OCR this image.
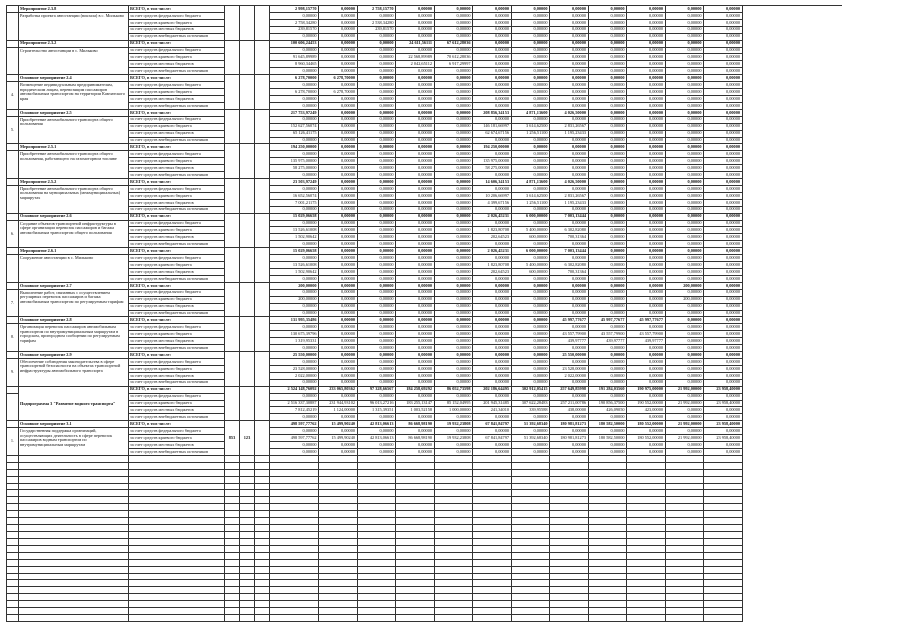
Мероприятие 2.3.8
Разработка проекта автостанции (вокзала) в с. Мильково
ВСЕГО, в том числе:	2 998,15770	0,00000	2 758,15770	0,00000	0,00000	0,00000	0,00000	0,00000	0,00000	0,00000	0,00000	0,00000
за счет средств федерального бюджета	0,00000	0,00000	0,00000	0,00000	0,00000	0,00000	0,00000	0,00000	0,00000	0,00000	0,00000	0,00000
за счет средств краевого бюджета	2 758,34280	0,00000	2 538,34280	0,00000	0,00000	0,00000	0,00000	0,00000	0,00000	0,00000	0,00000	0,00000
за счет средств местных бюджетов	239,81570	0,00000	239,81570	0,00000	0,00000	0,00000	0,00000	0,00000	0,00000	0,00000	0,00000	0,00000
за счет средств внебюджетных источников	0,00000	0,00000	0,00000	0,00000	0,00000	0,00000	0,00000	0,00000	0,00000	0,00000	0,00000	0,00000
Мероприятие 2.3.2
Строительство автостанции в с. Мильково
ВСЕГО, в том числе:	100 606,24453	0,00000	0,00000	24 611,56111	67 612,28036	0,00000	0,00000	0,00000	0,00000	0,00000	0,00000	0,00000
за счет средств федерального бюджета	0,00000	0,00000	0,00000	0,00000	0,00000	0,00000	0,00000	0,00000	0,00000	0,00000	0,00000	0,00000
за счет средств краевого бюджета	91 645,89989	0,00000	0,00000	22 568,89989	70 612,28036	0,00000	0,00000	0,00000	0,00000	0,00000	0,00000	0,00000
за счет средств местных бюджетов	8 960,34465	0,00000	0,00000	2 042,65112	6 917,29997	0,00000	0,00000	0,00000	0,00000	0,00000	0,00000	0,00000
за счет средств внебюджетных источников	0,00000	0,00000	0,00000	0,00000	0,00000	0,00000	0,00000	0,00000	0,00000	0,00000	0,00000	0,00000
4.
Основное мероприятие 2.4
Возмещение индивидуальным предпринимателям, юридическим лицам, перевозящим пассажиров автомобильным транспортом на территории Камчатского края
ВСЕГО, в том числе:	6 278,70000	6 278,70000	0,00000	0,00000	0,00000	0,00000	0,00000	0,00000	0,00000	0,00000	0,00000	0,00000
за счет средств федерального бюджета	0,00000	0,00000	0,00000	0,00000	0,00000	0,00000	0,00000	0,00000	0,00000	0,00000	0,00000	0,00000
за счет средств краевого бюджета	6 278,70000	6 278,70000	0,00000	0,00000	0,00000	0,00000	0,00000	0,00000	0,00000	0,00000	0,00000	0,00000
за счет средств местных бюджетов	0,00000	0,00000	0,00000	0,00000	0,00000	0,00000	0,00000	0,00000	0,00000	0,00000	0,00000	0,00000
за счет средств внебюджетных источников	0,00000	0,00000	0,00000	0,00000	0,00000	0,00000	0,00000	0,00000	0,00000	0,00000	0,00000	0,00000
5.
Основное мероприятие 2.5
Приобретение автомобильного транспорта общего пользования
ВСЕГО, в том числе:	217 753,97249	0,00000	0,00000	0,00000	0,00000	208 856,34153	4 871,13600	4 026,50000	0,00000	0,00000	0,00000	0,00000
за счет средств федерального бюджета	0,00000	0,00000	0,00000	0,00000	0,00000	0,00000	0,00000	0,00000	0,00000	0,00000	0,00000	0,00000
за счет средств краевого бюджета	152 627,56074	0,00000	0,00000	0,00000	0,00000	146 181,66997	3 614,62500	2 831,26567	0,00000	0,00000	0,00000	0,00000
за счет средств местных бюджетов	65 126,41175	0,00000	0,00000	0,00000	0,00000	62 674,67156	1 256,51100	1 195,23433	0,00000	0,00000	0,00000	0,00000
за счет средств внебюджетных источников	0,00000	0,00000	0,00000	0,00000	0,00000	0,00000	0,00000	0,00000	0,00000	0,00000	0,00000	0,00000
Мероприятие 2.5.1
Приобретение автомобильного транспорта общего пользования, работающего на газомоторном топливе
ВСЕГО, в том числе:	194 250,00000	0,00000	0,00000	0,00000	0,00000	194 250,00000	0,00000	0,00000	0,00000	0,00000	0,00000	0,00000
за счет средств федерального бюджета	0,00000	0,00000	0,00000	0,00000	0,00000	0,00000	0,00000	0,00000	0,00000	0,00000	0,00000	0,00000
за счет средств краевого бюджета	135 975,00000	0,00000	0,00000	0,00000	0,00000	135 975,00000	0,00000	0,00000	0,00000	0,00000	0,00000	0,00000
за счет средств местных бюджетов	58 275,00000	0,00000	0,00000	0,00000	0,00000	58 275,00000	0,00000	0,00000	0,00000	0,00000	0,00000	0,00000
за счет средств внебюджетных источников	0,00000	0,00000	0,00000	0,00000	0,00000	0,00000	0,00000	0,00000	0,00000	0,00000	0,00000	0,00000
Мероприятие 2.5.2
Приобретение автомобильного транспорта общего пользования на муниципальных (межмуниципальных) маршрутах
ВСЕГО, в том числе:	23 503,97249	0,00000	0,00000	0,00000	0,00000	14 606,34153	4 871,13600	4 026,50000	0,00000	0,00000	0,00000	0,00000
за счет средств федерального бюджета	0,00000	0,00000	0,00000	0,00000	0,00000	0,00000	0,00000	0,00000	0,00000	0,00000	0,00000	0,00000
за счет средств краевого бюджета	16 652,56074	0,00000	0,00000	0,00000	0,00000	10 206,66997	3 614,62500	2 831,26567	0,00000	0,00000	0,00000	0,00000
за счет средств местных бюджетов	7 001,21175	0,00000	0,00000	0,00000	0,00000	4 399,67156	1 256,51100	1 195,23433	0,00000	0,00000	0,00000	0,00000
за счет средств внебюджетных источников	0,00000	0,00000	0,00000	0,00000	0,00000	0,00000	0,00000	0,00000	0,00000	0,00000	0,00000	0,00000
6.
Основное мероприятие 2.6
Создание объектов транспортной инфраструктуры в сфере организации перевозок пассажиров и багажа автомобильным транспортом общего пользования
ВСЕГО, в том числе:	15 029,06658	0,00000	0,00000	0,00000	0,00000	2 026,45231	6 000,00000	7 003,13444	0,00000	0,00000	0,00000	0,00000
за счет средств федерального бюджета	0,00000	0,00000	0,00000	0,00000	0,00000	0,00000	0,00000	0,00000	0,00000	0,00000	0,00000	0,00000
за счет средств краевого бюджета	13 526,61008	0,00000	0,00000	0,00000	0,00000	1 823,80708	5 400,00000	6 302,82080	0,00000	0,00000	0,00000	0,00000
за счет средств местных бюджетов	1 502,90642	0,00000	0,00000	0,00000	0,00000	202,64523	600,00000	700,31364	0,00000	0,00000	0,00000	0,00000
за счет средств внебюджетных источников	0,00000	0,00000	0,00000	0,00000	0,00000	0,00000	0,00000	0,00000	0,00000	0,00000	0,00000	0,00000
Мероприятие 2.6.1
Сооружение автостанции в с. Мильково
ВСЕГО, в том числе:	15 029,06658	0,00000	0,00000	0,00000	0,00000	2 026,45231	6 000,00000	7 003,13444	0,00000	0,00000	0,00000	0,00000
за счет средств федерального бюджета	0,00000	0,00000	0,00000	0,00000	0,00000	0,00000	0,00000	0,00000	0,00000	0,00000	0,00000	0,00000
за счет средств краевого бюджета	13 526,61008	0,00000	0,00000	0,00000	0,00000	1 823,80708	5 400,00000	6 302,82080	0,00000	0,00000	0,00000	0,00000
за счет средств местных бюджетов	1 502,90642	0,00000	0,00000	0,00000	0,00000	202,64523	600,00000	700,31364	0,00000	0,00000	0,00000	0,00000
за счет средств внебюджетных источников	0,00000	0,00000	0,00000	0,00000	0,00000	0,00000	0,00000	0,00000	0,00000	0,00000	0,00000	0,00000
7.
Основное мероприятие 2.7
Выполнение работ, связанных с осуществлением регулярных перевозок пассажиров и багажа автомобильным транспортом по регулируемым тарифам
ВСЕГО, в том числе:	200,00000	0,00000	0,00000	0,00000	0,00000	0,00000	0,00000	0,00000	0,00000	0,00000	200,00000	0,00000
за счет средств федерального бюджета	0,00000	0,00000	0,00000	0,00000	0,00000	0,00000	0,00000	0,00000	0,00000	0,00000	0,00000	0,00000
за счет средств краевого бюджета	200,00000	0,00000	0,00000	0,00000	0,00000	0,00000	0,00000	0,00000	0,00000	0,00000	200,00000	0,00000
за счет средств местных бюджетов	0,00000	0,00000	0,00000	0,00000	0,00000	0,00000	0,00000	0,00000	0,00000	0,00000	0,00000	0,00000
за счет средств внебюджетных источников	0,00000	0,00000	0,00000	0,00000	0,00000	0,00000	0,00000	0,00000	0,00000	0,00000	0,00000	0,00000
8.
Основное мероприятие 2.8
Организация перевозок пассажиров автомобильным транспортом по внутримуниципальным маршрутам в городском, пригородном сообщении по регулируемым тарифам
ВСЕГО, в том числе:	131 995,35486	0,00000	0,00000	0,00000	0,00000	0,00000	0,00000	45 997,77677	45 997,77677	45 997,77677	0,00000	0,00000
за счет средств федерального бюджета	0,00000	0,00000	0,00000	0,00000	0,00000	0,00000	0,00000	0,00000	0,00000	0,00000	0,00000	0,00000
за счет средств краевого бюджета	130 675,39796	0,00000	0,00000	0,00000	0,00000	0,00000	0,00000	43 557,79900	43 557,79900	43 557,79900	0,00000	0,00000
за счет средств местных бюджетов	1 319,95331	0,00000	0,00000	0,00000	0,00000	0,00000	0,00000	439,97777	439,97777	439,97777	0,00000	0,00000
за счет средств внебюджетных источников	0,00000	0,00000	0,00000	0,00000	0,00000	0,00000	0,00000	0,00000	0,00000	0,00000	0,00000	0,00000
9.
Основное мероприятие 2.9
Обеспечение соблюдения законодательства в сфере транспортной безопасности на объектах транспортной инфраструктуры автомобильного транспорта
ВСЕГО, в том числе:	25 550,00000	0,00000	0,00000	0,00000	0,00000	0,00000	0,00000	25 550,00000	0,00000	0,00000	0,00000	0,00000
за счет средств федерального бюджета	0,00000	0,00000	0,00000	0,00000	0,00000	0,00000	0,00000	0,00000	0,00000	0,00000	0,00000	0,00000
за счет средств краевого бюджета	23 528,00000	0,00000	0,00000	0,00000	0,00000	0,00000	0,00000	23 528,00000	0,00000	0,00000	0,00000	0,00000
за счет средств местных бюджетов	2 022,00000	0,00000	0,00000	0,00000	0,00000	0,00000	0,00000	2 022,00000	0,00000	0,00000	0,00000	0,00000
за счет средств внебюджетных источников	0,00000	0,00000	0,00000	0,00000	0,00000	0,00000	0,00000	0,00000	0,00000	0,00000	0,00000	0,00000
Подпрограмма 3 "Развитие водного транспорта"
ВСЕГО, в том числе:	2 524 148,76092	233 065,80362	97 328,66567	184 258,69292	86 052,73598	202 186,64495	302 912,05415	257 649,85998	191 284,03560	190 975,00000	21 992,00000	23 958,40000
за счет средств федерального бюджета	0,00000	0,00000	0,00000	0,00000	0,00000	0,00000	0,00000	0,00000	0,00000	0,00000	0,00000	0,00000
за счет средств краевого бюджета	2 516 337,30887	231 944,93102	96 013,27216	183 255,13147	85 152,04995	201 945,31485	307 622,28483	257 211,00786	190 856,37500	190 552,00000	21 992,00000	23 958,40000
за счет средств местных бюджетов	7 812,45219	1 124,00000	1 315,39351	1 003,52158	1 000,00000	241,34010	339,95588	438,00000	426,09050	423,00000	0,00000	0,00000
за счет средств внебюджетных источников	0,00000	0,00000	0,00000	0,00000	0,00000	0,00000	0,00000	0,00000	0,00000	0,00000	0,00000	0,00000
1.
Основное мероприятие 3.1
Государственная поддержка организаций, осуществляющих деятельность в сфере перевозок пассажиров водным транспортом по внутримуниципальным маршрутам
853	123
ВСЕГО, в том числе:	498 597,77762	15 499,90240	42 813,06613	86 668,98190	19 932,23808	67 841,84797	51 392,68340	180 981,81273	180 582,50000	180 552,00000	21 992,00000	23 958,40000
за счет средств федерального бюджета	0,00000	0,00000	0,00000	0,00000	0,00000	0,00000	0,00000	0,00000	0,00000	0,00000	0,00000	0,00000
за счет средств краевого бюджета	498 597,77762	15 499,90240	42 813,06613	86 668,98190	19 932,23808	67 841,84797	51 392,68340	180 981,81273	180 582,50000	180 552,00000	21 992,00000	23 958,40000
за счет средств местных бюджетов	0,00000	0,00000	0,00000	0,00000	0,00000	0,00000	0,00000	0,00000	0,00000	0,00000	0,00000	0,00000
за счет средств внебюджетных источников	0,00000	0,00000	0,00000	0,00000	0,00000	0,00000	0,00000	0,00000	0,00000	0,00000	0,00000	0,00000
